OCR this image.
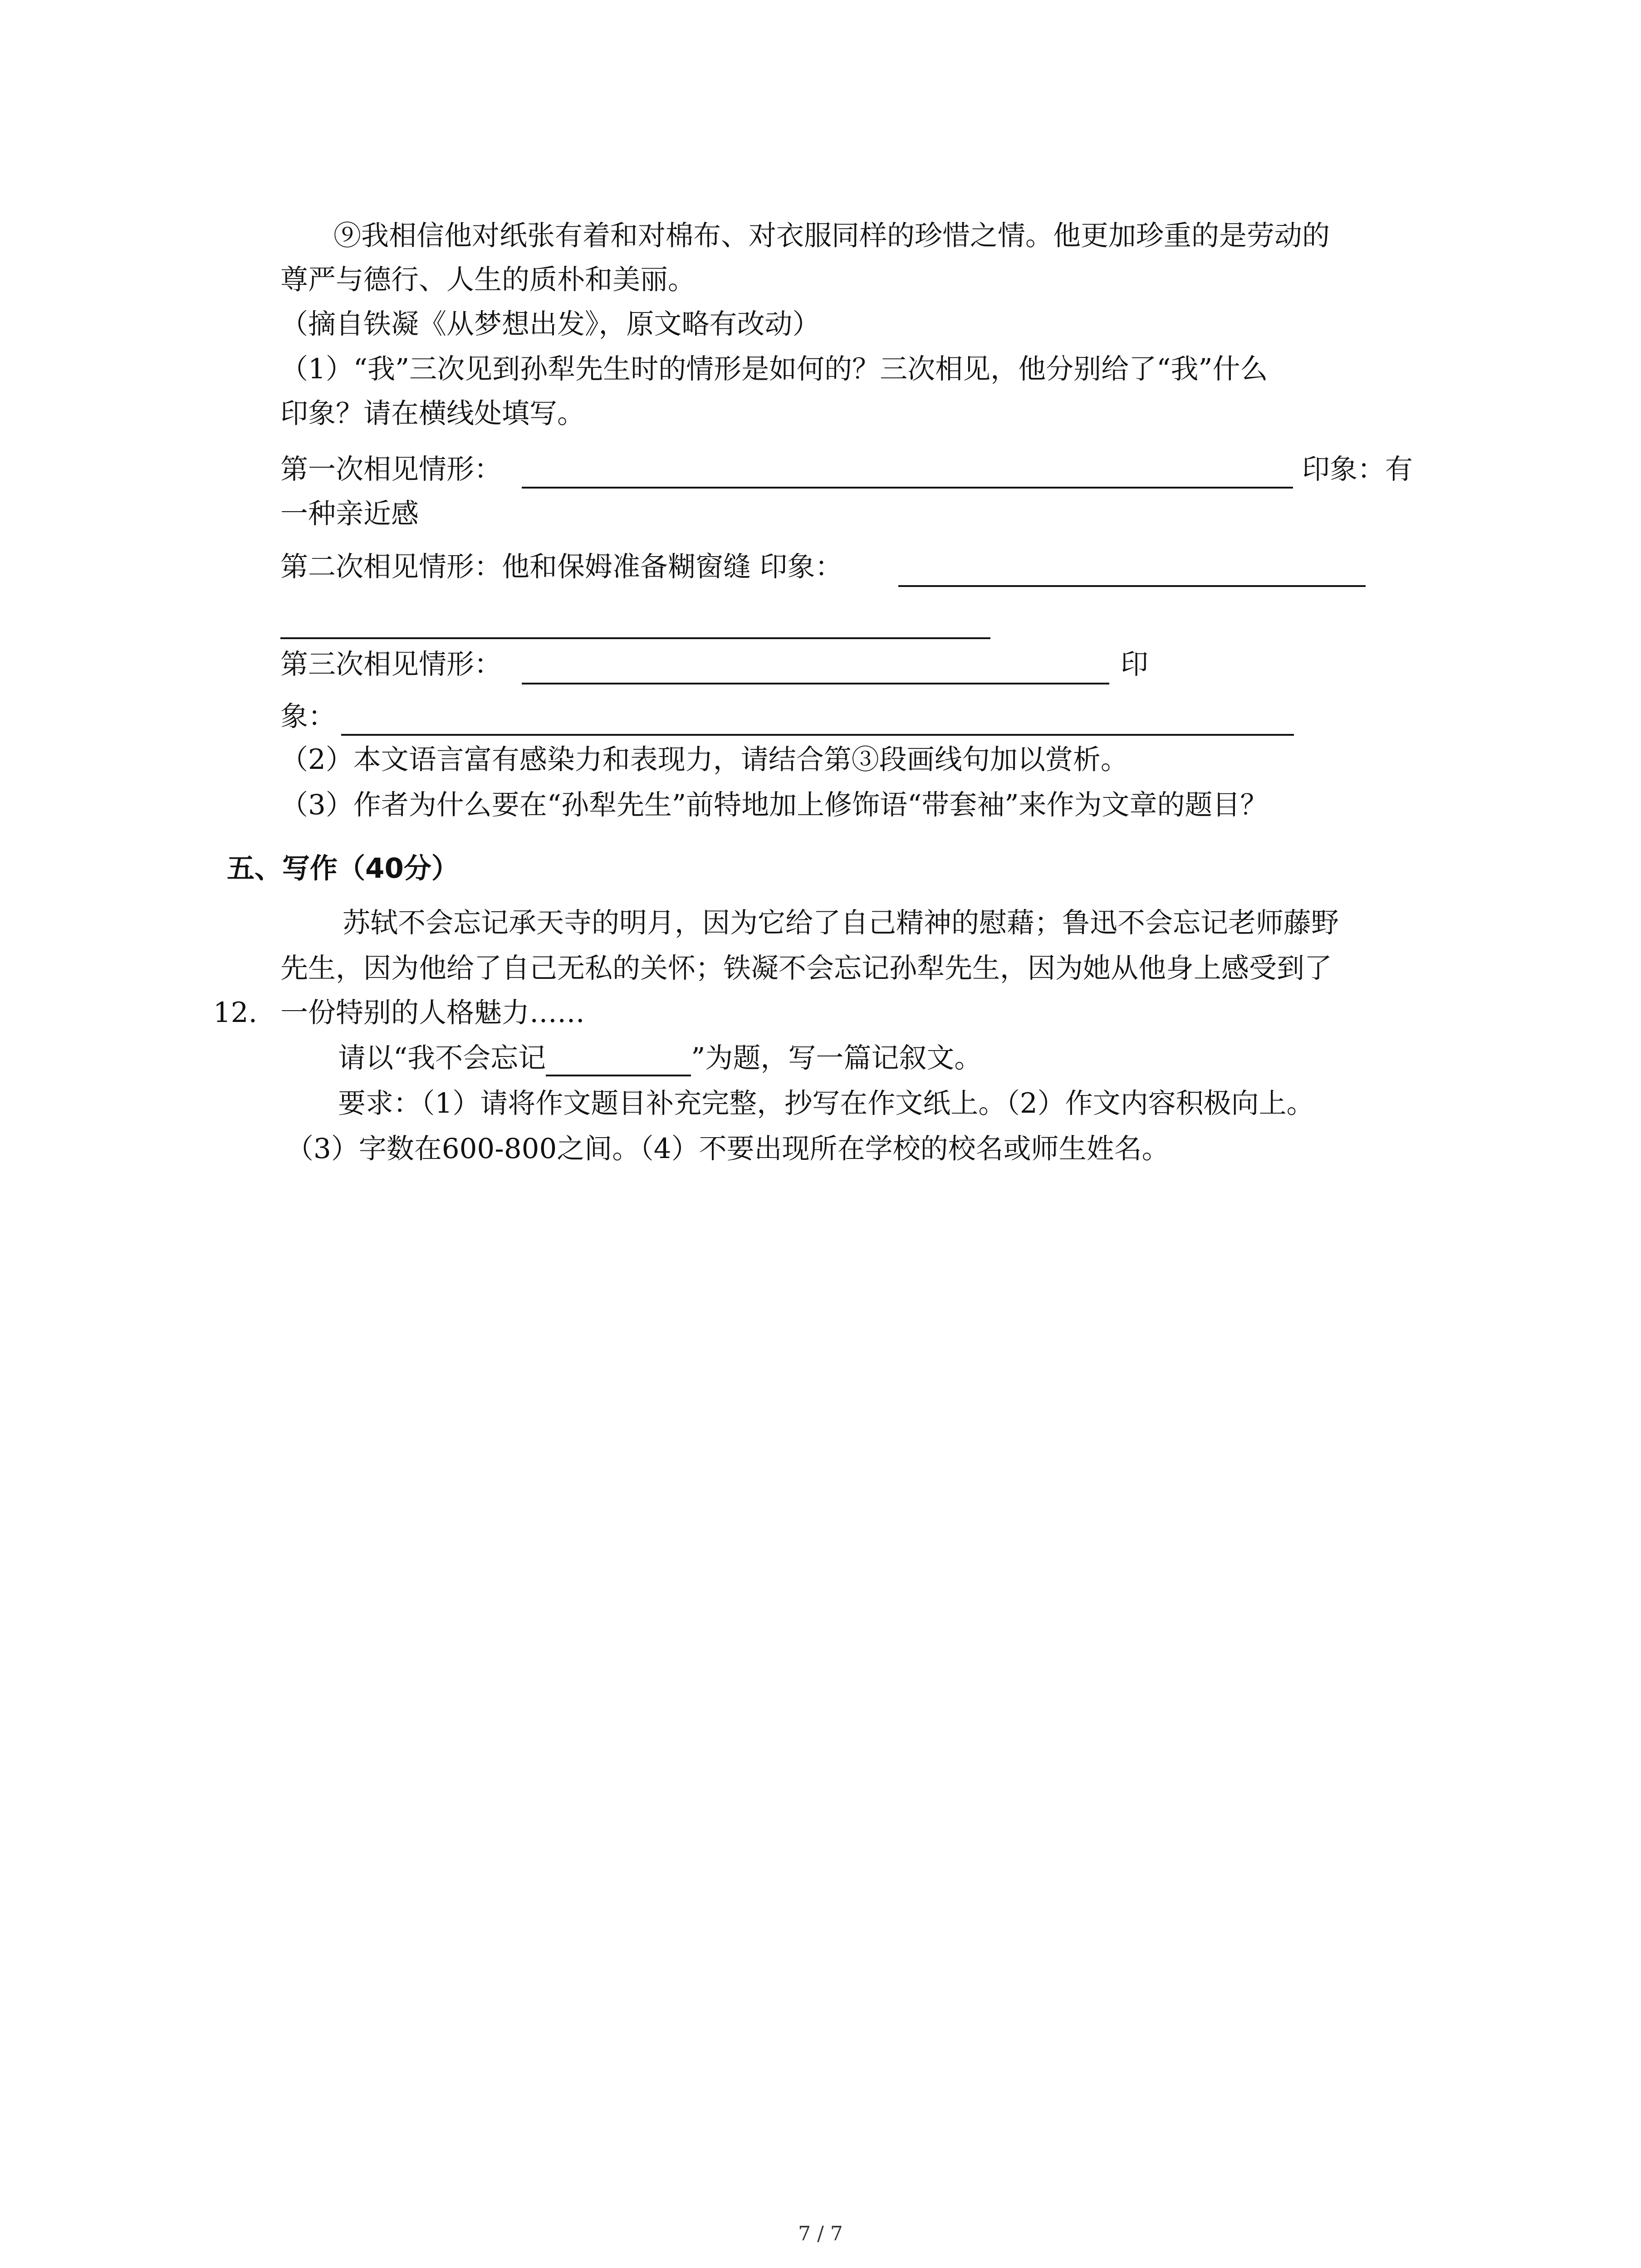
⑨我相信他对纸张有着和对棉布、对衣服同样的珍惜之情。他更加珍重的是劳动的
尊严与德行、人生的质朴和美丽。
（摘自铁凝《从梦想出发》，原文略有改动）
（1）“我”三次见到孙犁先生时的情形是如何的？三次相见，他分别给了“我”什么
印象？请在横线处填写。
第一次相见情形：	印象：有
一种亲近感
第二次相见情形：他和保姆准备糊窗缝 印象：
第三次相见情形：	印
象：
（2）本文语言富有感染力和表现力，请结合第③段画线句加以赏析。
（3）作者为什么要在“孙犁先生”前特地加上修饰语“带套袖”来作为文章的题目？
五、写作（40分）
苏轼不会忘记承天寺的明月，因为它给了自己精神的慰藉；鲁迅不会忘记老师藤野
先生，因为他给了自己无私的关怀；铁凝不会忘记孙犁先生，因为她从他身上感受到了
12. 一份特别的人格魅力……
请以“我不会忘记	”为题，写一篇记叙文。
要求：（1）请将作文题目补充完整，抄写在作文纸上。（2）作文内容积极向上。
（3）字数在600-800之间。（4）不要出现所在学校的校名或师生姓名。
7 / 7
